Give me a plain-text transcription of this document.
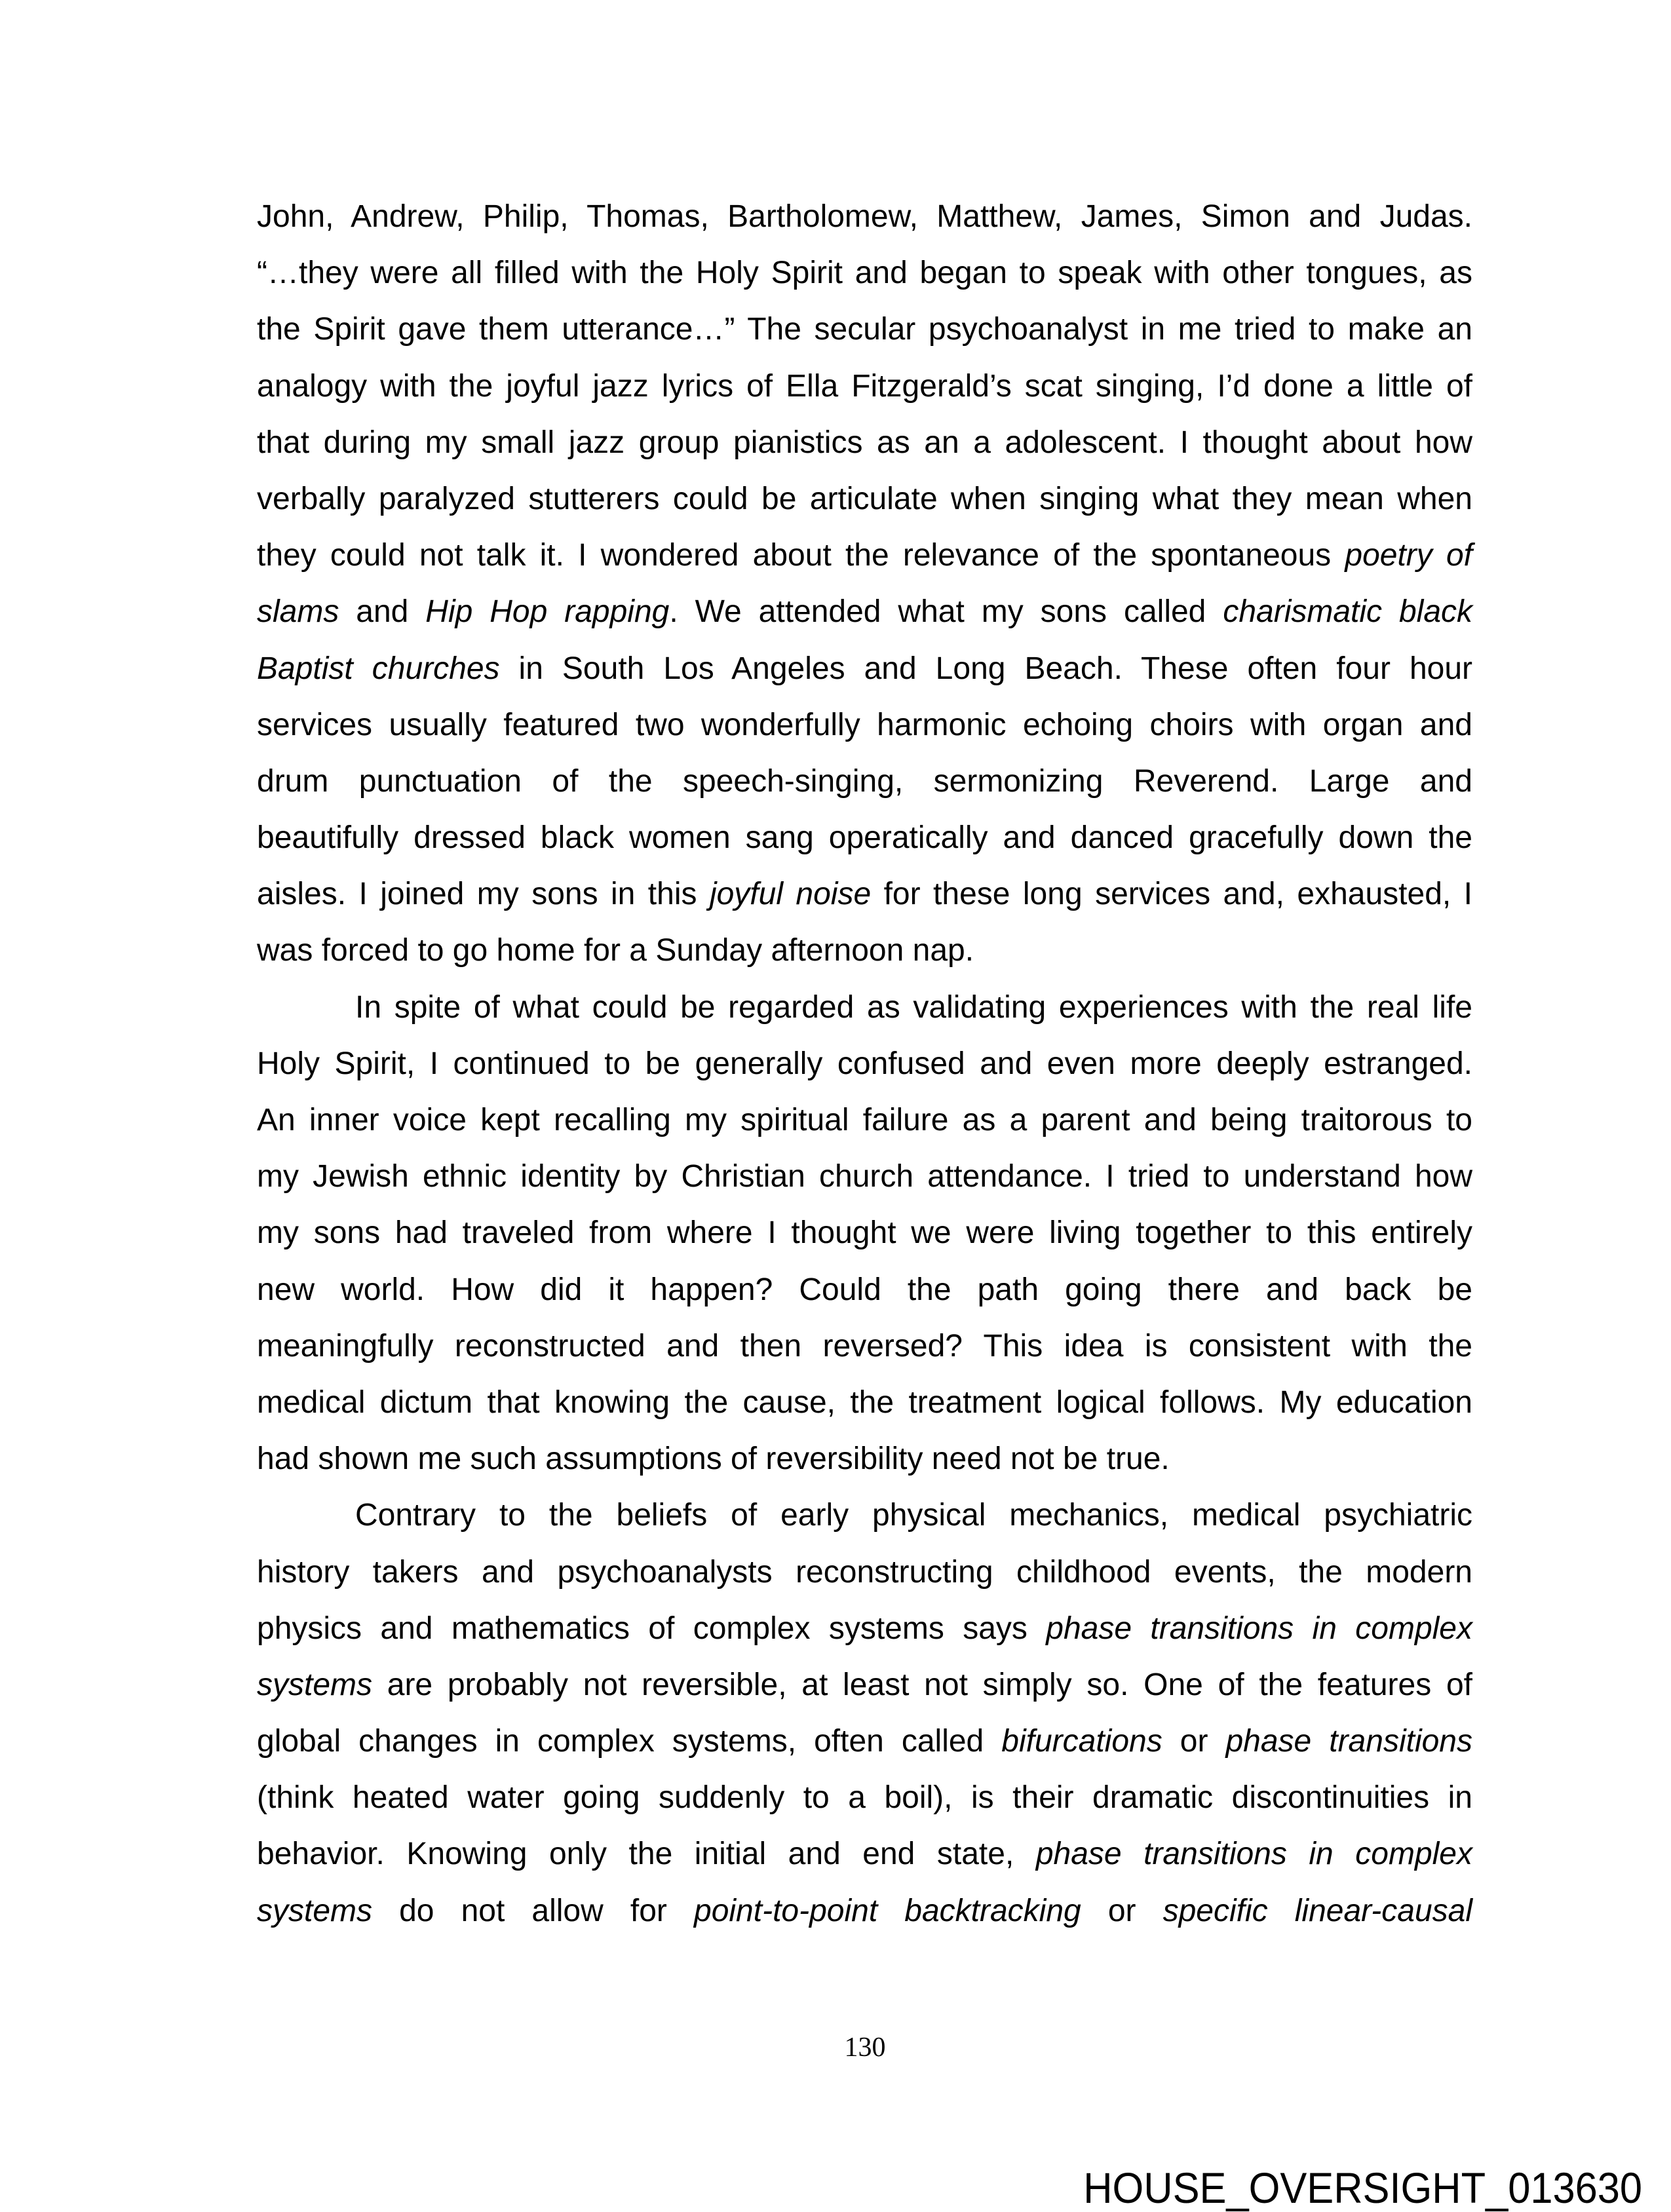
John, Andrew, Philip, Thomas, Bartholomew, Matthew, James, Simon and Judas.
“…they were all filled with the Holy Spirit and began to speak with other tongues, as
the Spirit gave them utterance…” The secular psychoanalyst in me tried to make an
analogy with the joyful jazz lyrics of Ella Fitzgerald’s scat singing, I’d done a little of
that during my small jazz group pianistics as an a adolescent. I thought about how
verbally paralyzed stutterers could be articulate when singing what they mean when
they could not talk it. I wondered about the relevance of the spontaneous poetry of
slams and Hip Hop rapping. We attended what my sons called charismatic black
Baptist churches in South Los Angeles and Long Beach. These often four hour
services usually featured two wonderfully harmonic echoing choirs with organ and
drum punctuation of the speech-singing, sermonizing Reverend. Large and
beautifully dressed black women sang operatically and danced gracefully down the
aisles. I joined my sons in this joyful noise for these long services and, exhausted, I
was forced to go home for a Sunday afternoon nap.
In spite of what could be regarded as validating experiences with the real life
Holy Spirit, I continued to be generally confused and even more deeply estranged.
An inner voice kept recalling my spiritual failure as a parent and being traitorous to
my Jewish ethnic identity by Christian church attendance. I tried to understand how
my sons had traveled from where I thought we were living together to this entirely
new world. How did it happen? Could the path going there and back be
meaningfully reconstructed and then reversed? This idea is consistent with the
medical dictum that knowing the cause, the treatment logical follows. My education
had shown me such assumptions of reversibility need not be true.
Contrary to the beliefs of early physical mechanics, medical psychiatric
history takers and psychoanalysts reconstructing childhood events, the modern
physics and mathematics of complex systems says phase transitions in complex
systems are probably not reversible, at least not simply so. One of the features of
global changes in complex systems, often called bifurcations or phase transitions
(think heated water going suddenly to a boil), is their dramatic discontinuities in
behavior. Knowing only the initial and end state, phase transitions in complex
systems do not allow for point-to-point backtracking or specific linear-causal
130
HOUSE_OVERSIGHT_013630
